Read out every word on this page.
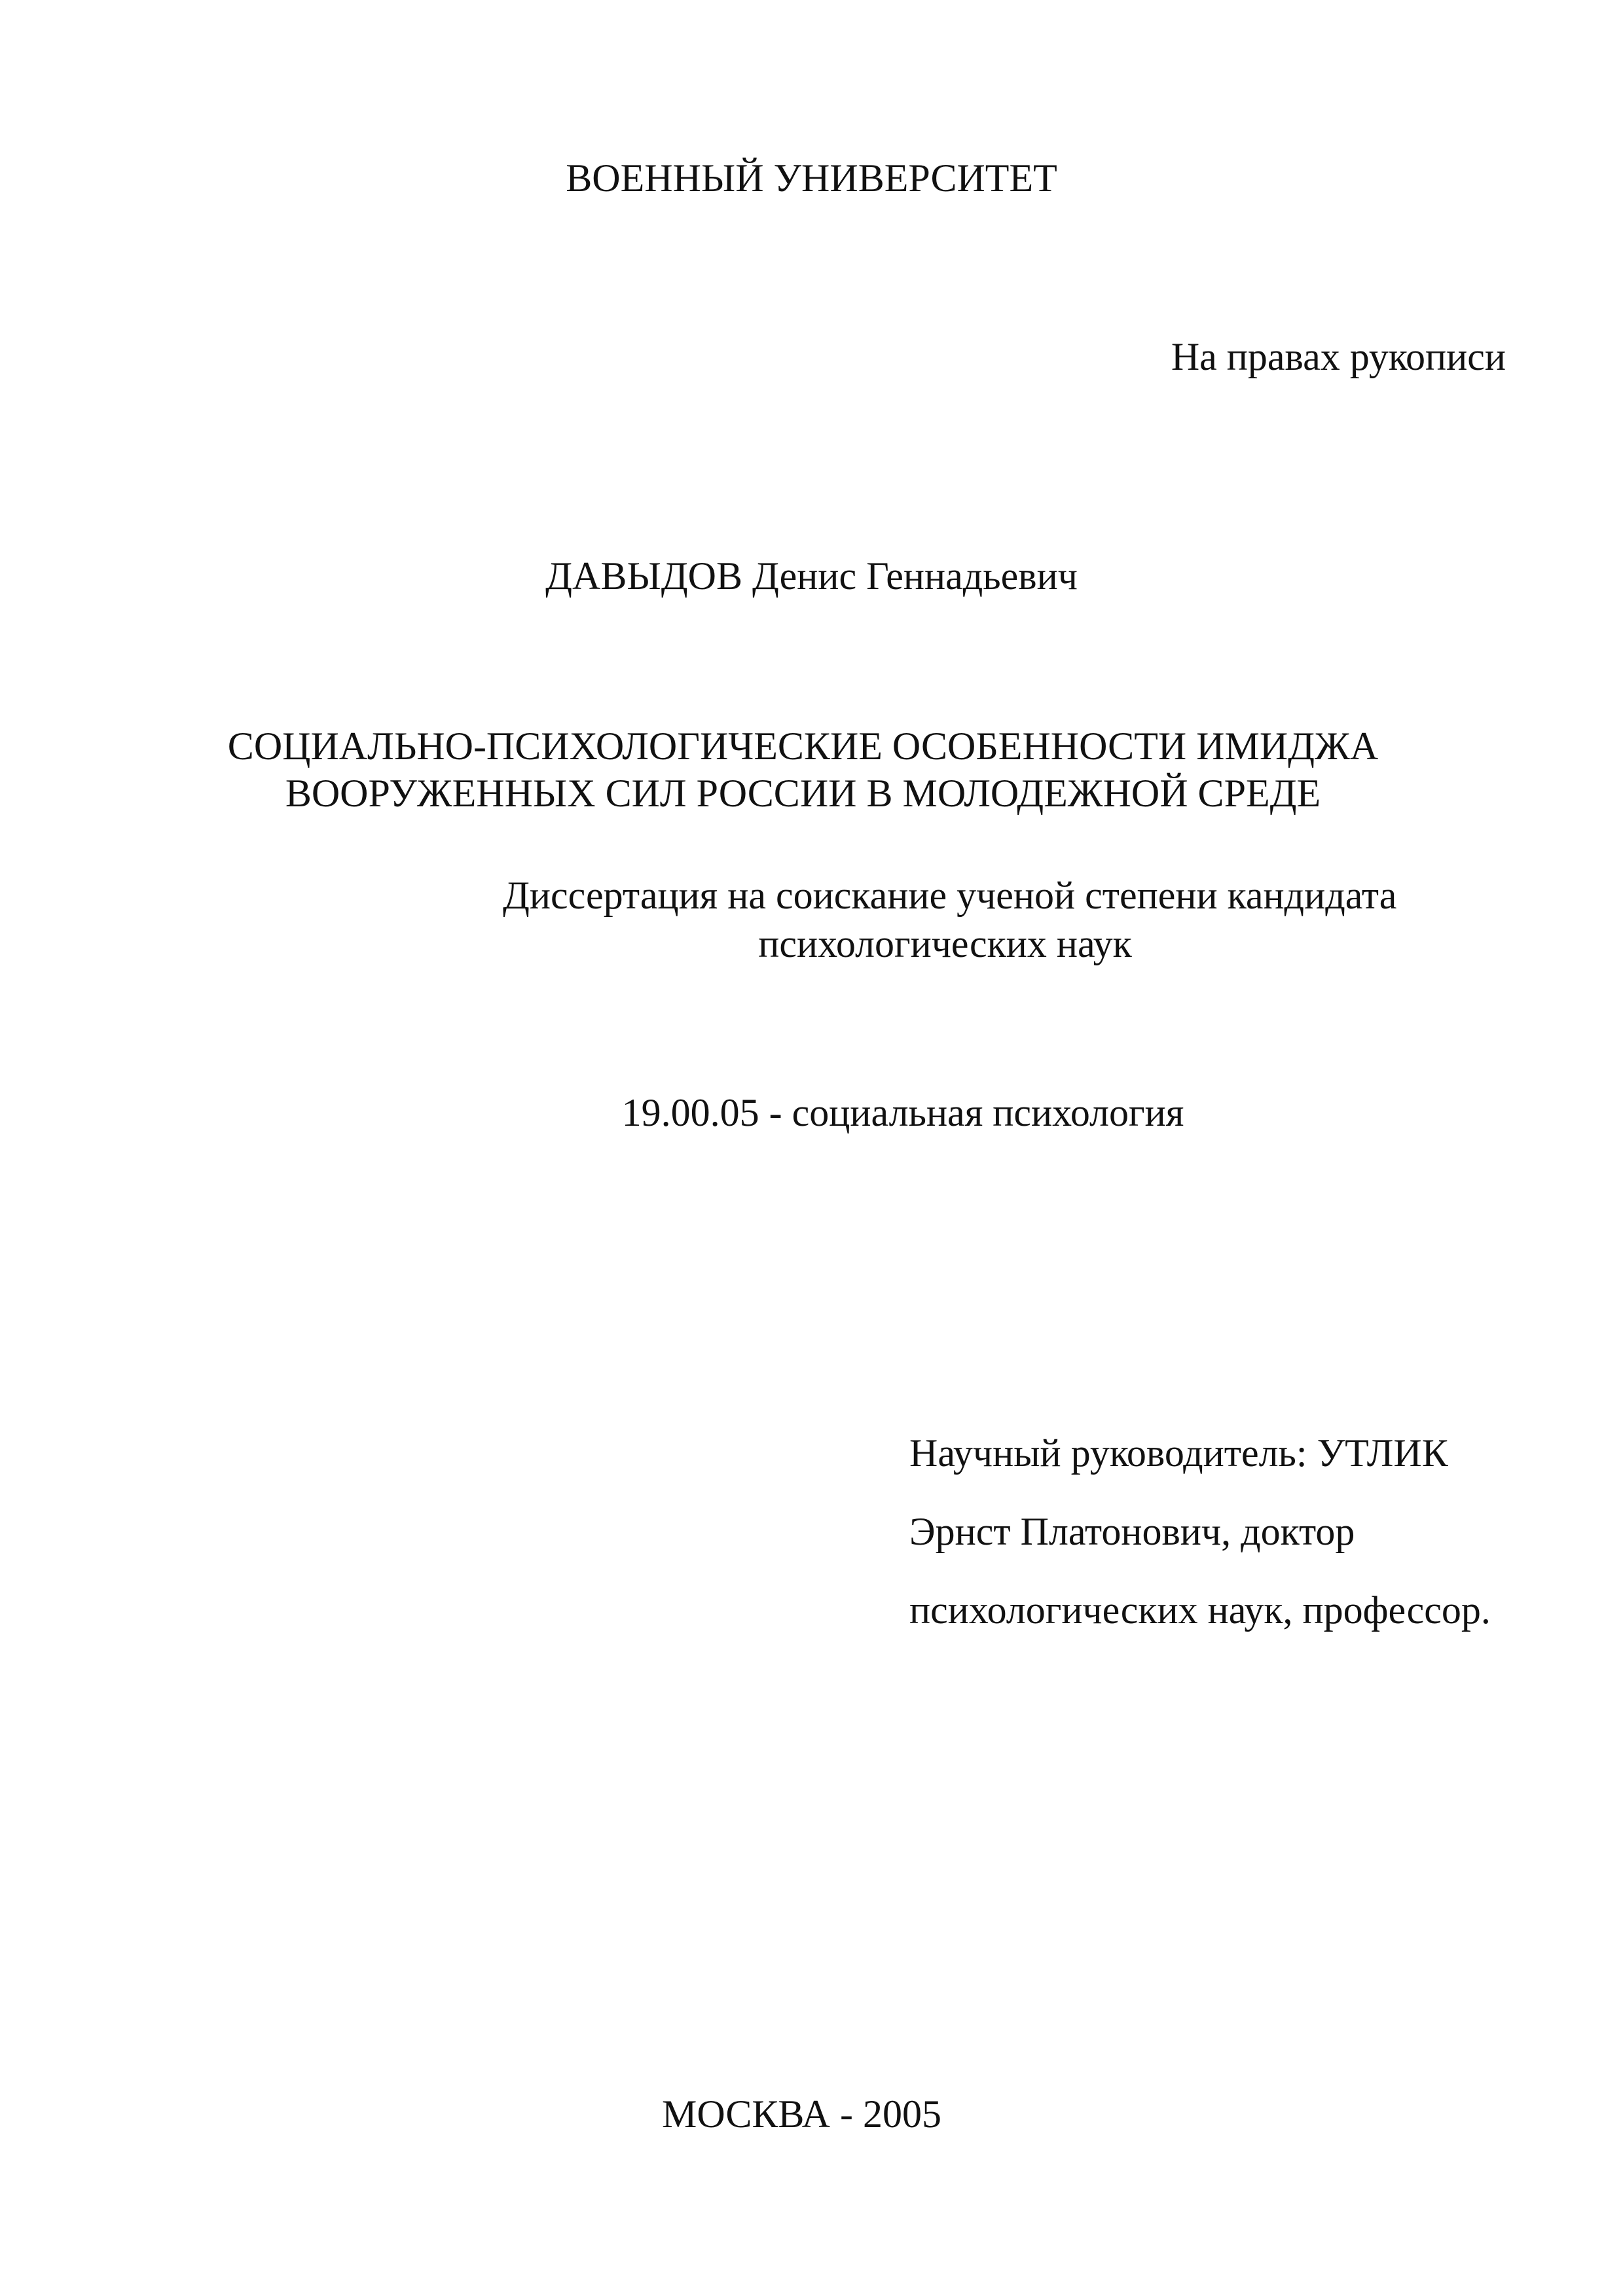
ВОЕННЫЙ УНИВЕРСИТЕТ
На правах рукописи
ДАВЫДОВ Денис Геннадьевич
СОЦИАЛЬНО-ПСИХОЛОГИЧЕСКИЕ ОСОБЕННОСТИ ИМИДЖА
ВООРУЖЕННЫХ СИЛ РОССИИ В МОЛОДЕЖНОЙ СРЕДЕ
Диссертация на соискание ученой степени кандидата
психологических наук
19.00.05 - социальная психология
Научный руководитель: УТЛИК
Эрнст Платонович, доктор
психологических наук, профессор.
МОСКВА - 2005
